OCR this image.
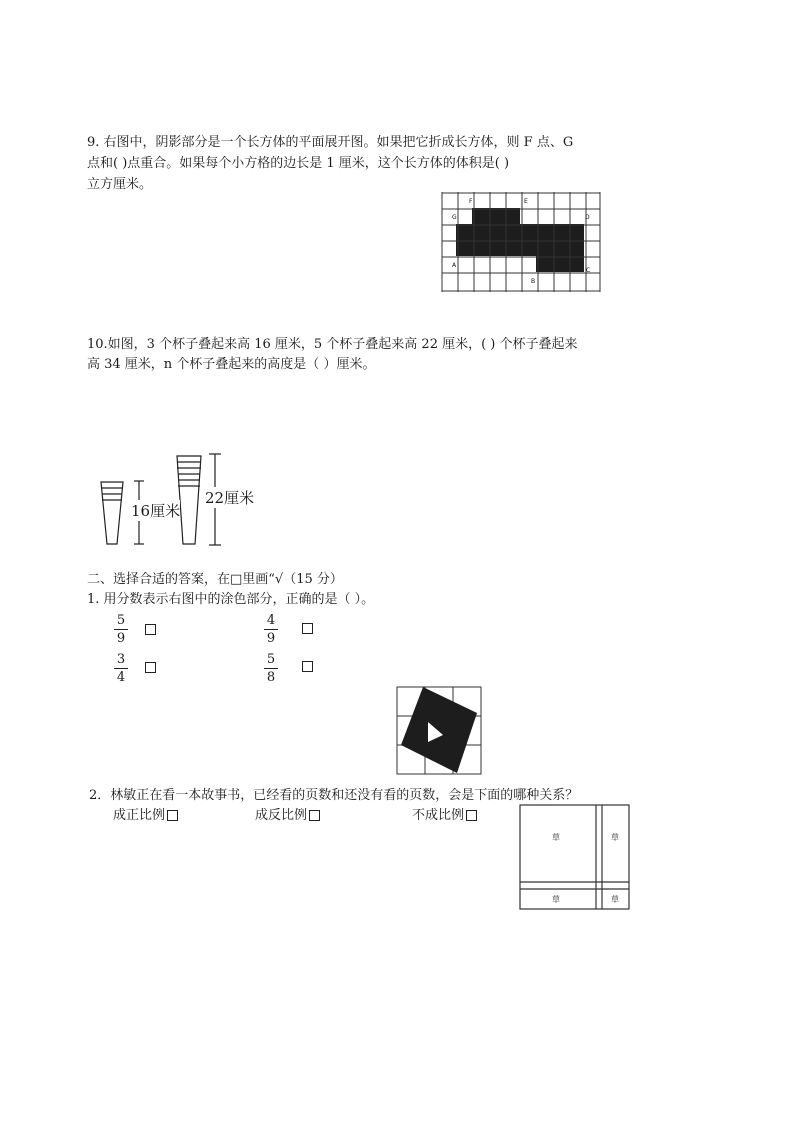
9. 右图中，阴影部分是一个长方体的平面展开图。如果把它折成长方体，则 F 点、G
点和( )点重合。如果每个小方格的边长是 1 厘米，这个长方体的体积是( )
立方厘米。
F	E
G	D
A
B
C
10.如图，3 个杯子叠起来高 16 厘米，5 个杯子叠起来高 22 厘米，( ) 个杯子叠起来
高 34 厘米，n 个杯子叠起来的高度是（ ）厘米。
16厘米
22厘米
二、选择合适的答案，在□里画“√（15 分）
1. 用分数表示右图中的涂色部分，正确的是（ ）。
5
9
4
9
3
4
5
8
2．林敏正在看一本故事书，已经看的页数和还没有看的页数，会是下面的哪种关系？
成正比例	成反比例	不成比例
草	草
草	草
